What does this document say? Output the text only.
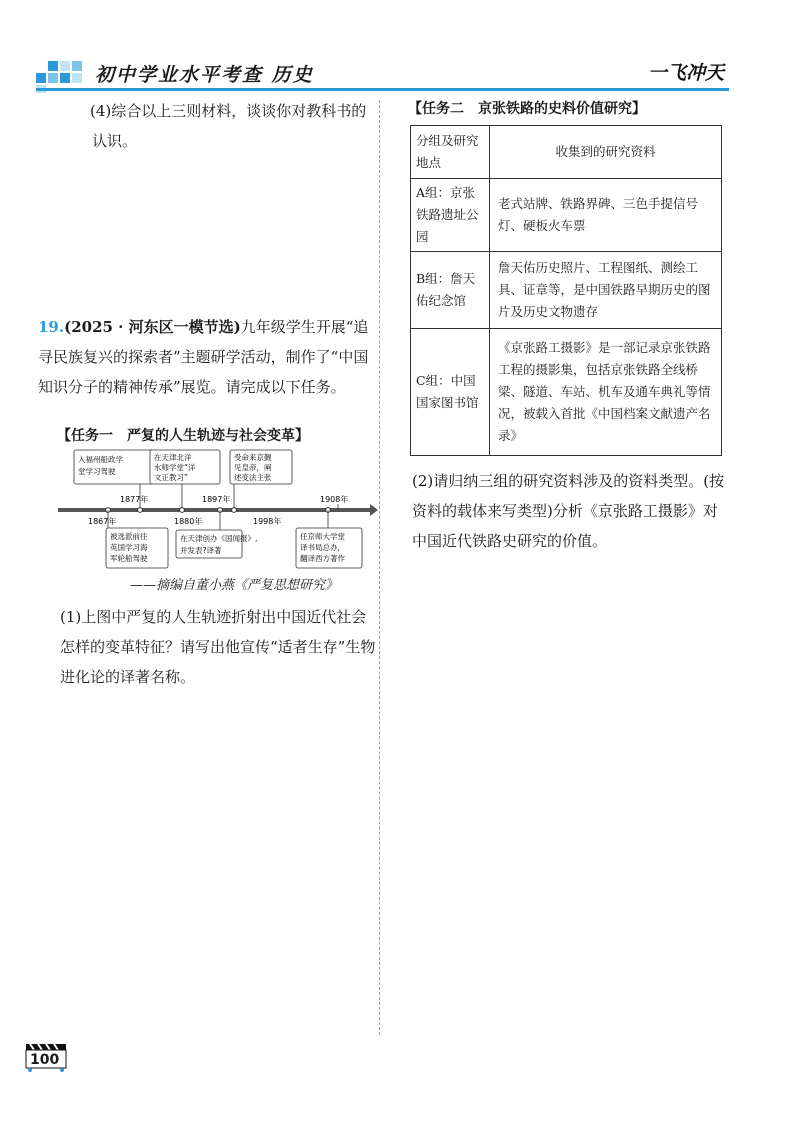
初中学业水平考查 历史	一飞冲天
(4)综合以上三则材料，谈谈你对教科书的
认识。
19.(2025 · 河东区一模节选)九年级学生开展“追寻民族复兴的探索者”主题研学活动，制作了“中国知识分子的精神传承”展览。请完成以下任务。
【任务一　严复的人生轨迹与社会变革】
入福州船政学
堂学习驾驶
在天津北洋
水师学堂“洋
文正教习”
受命来京觐
见皇帝，阐
述变法主张
1877年	1897年	1908年
1867年	1880年	1998年
被选派前往
英国学习海
军轮船驾驶
在天津创办《国闻报》,
并发表?译著
任京师大学堂
译书局总办,
翻译西方著作
——摘编自董小燕《严复思想研究》
(1)上图中严复的人生轨迹折射出中国近代社会怎样的变革特征？请写出他宣传“适者生存”生物进化论的译著名称。
【任务二　京张铁路的史料价值研究】
分组及研究地点	收集到的研究资料
A组：京张铁路遗址公园	老式站牌、铁路界碑、三色手提信号灯、硬板火车票
B组：詹天佑纪念馆	詹天佑历史照片、工程图纸、测绘工具、证章等，是中国铁路早期历史的图片及历史文物遗存
C组：中国国家图书馆	《京张路工摄影》是一部记录京张铁路工程的摄影集，包括京张铁路全线桥梁、隧道、车站、机车及通车典礼等情况，被载入首批《中国档案文献遗产名录》
(2)请归纳三组的研究资料涉及的资料类型。(按资料的载体来写类型)分析《京张路工摄影》对中国近代铁路史研究的价值。
100
